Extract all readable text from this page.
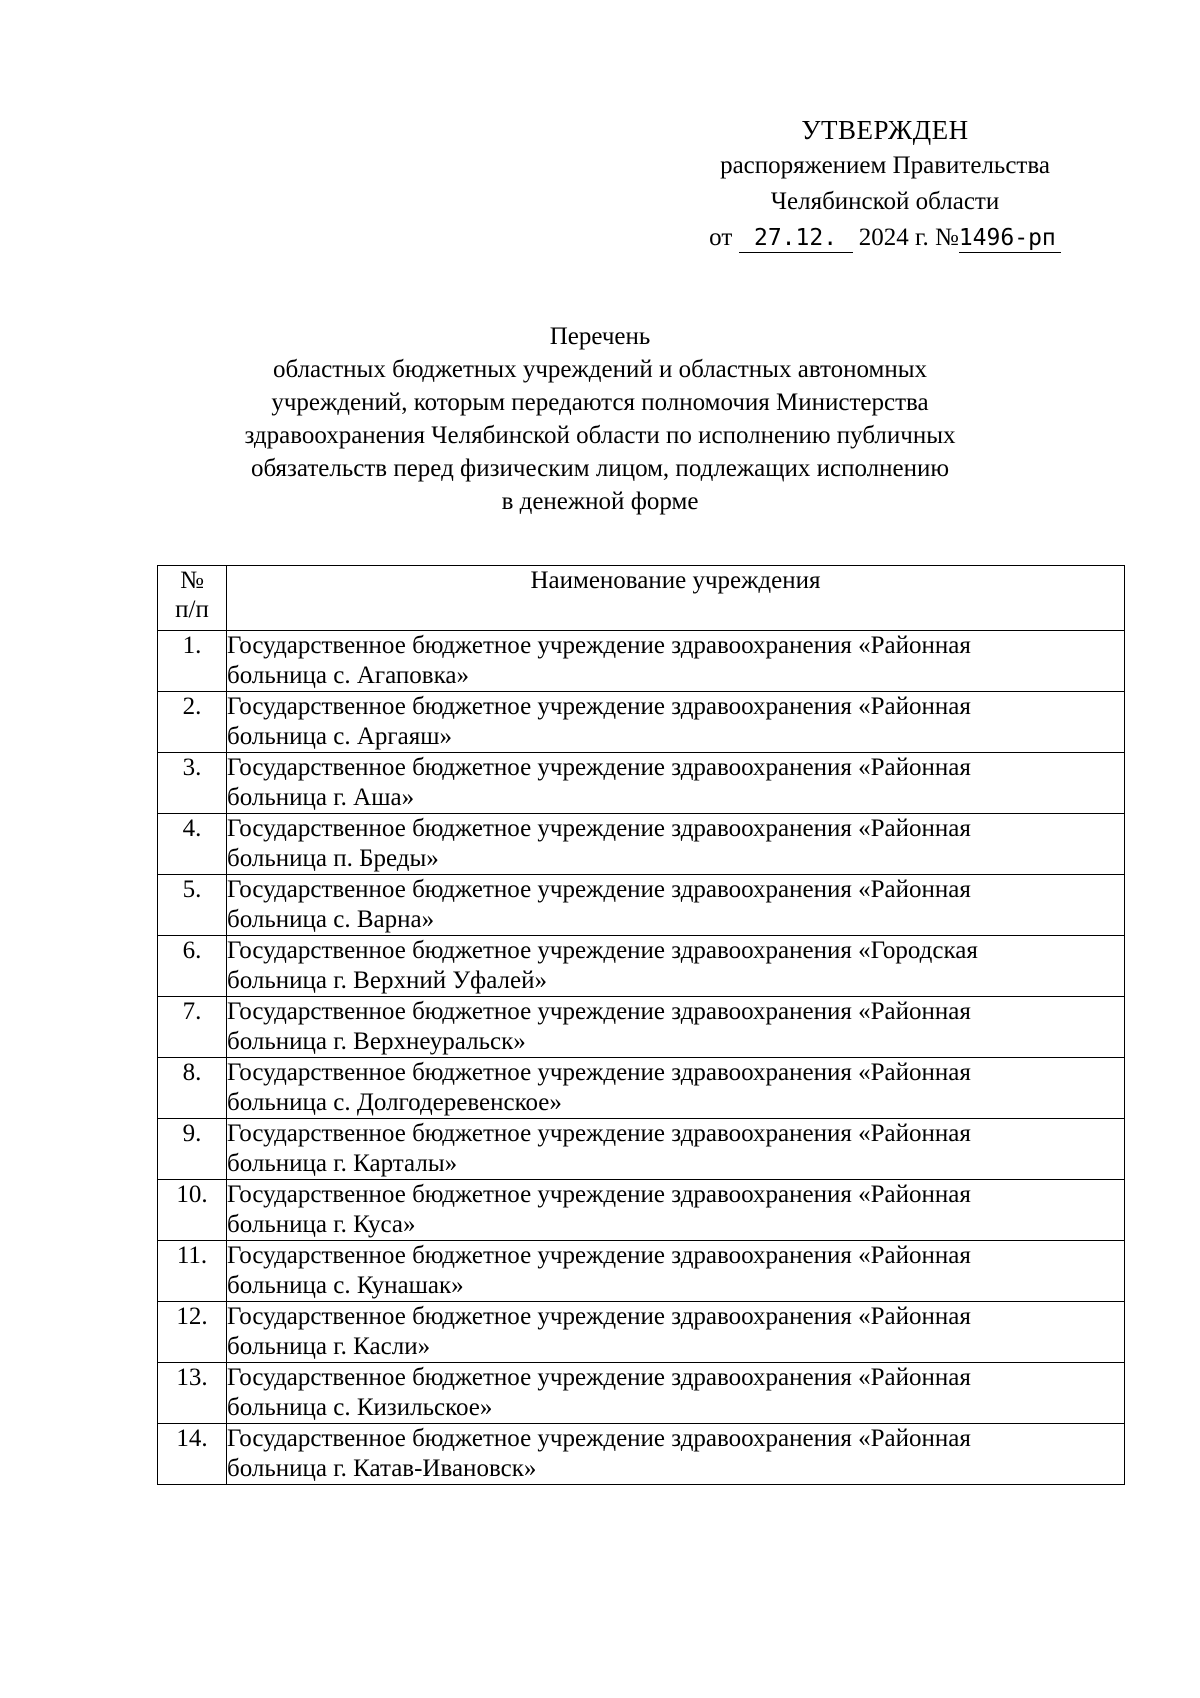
УТВЕРЖДЕН
распоряжением Правительства
Челябинской области
от 27.12. 2024 г. №1496-рп
Перечень
областных бюджетных учреждений и областных автономных
учреждений, которым передаются полномочия Министерства
здравоохранения Челябинской области по исполнению публичных
обязательств перед физическим лицом, подлежащих исполнению
в денежной форме
№
п/п	Наименование учреждения
1.	Государственное бюджетное учреждение здравоохранения «Районная
больница с. Агаповка»

2.	Государственное бюджетное учреждение здравоохранения «Районная
больница с. Аргаяш»

3.	Государственное бюджетное учреждение здравоохранения «Районная
больница г. Аша»

4.	Государственное бюджетное учреждение здравоохранения «Районная
больница п. Бреды»

5.	Государственное бюджетное учреждение здравоохранения «Районная
больница с. Варна»

6.	Государственное бюджетное учреждение здравоохранения «Городская
больница г. Верхний Уфалей»

7.	Государственное бюджетное учреждение здравоохранения «Районная
больница г. Верхнеуральск»

8.	Государственное бюджетное учреждение здравоохранения «Районная
больница с. Долгодеревенское»

9.	Государственное бюджетное учреждение здравоохранения «Районная
больница г. Карталы»

10.	Государственное бюджетное учреждение здравоохранения «Районная
больница г. Куса»

11.	Государственное бюджетное учреждение здравоохранения «Районная
больница с. Кунашак»

12.	Государственное бюджетное учреждение здравоохранения «Районная
больница г. Касли»

13.	Государственное бюджетное учреждение здравоохранения «Районная
больница с. Кизильское»

14.	Государственное бюджетное учреждение здравоохранения «Районная
больница г. Катав-Ивановск»
